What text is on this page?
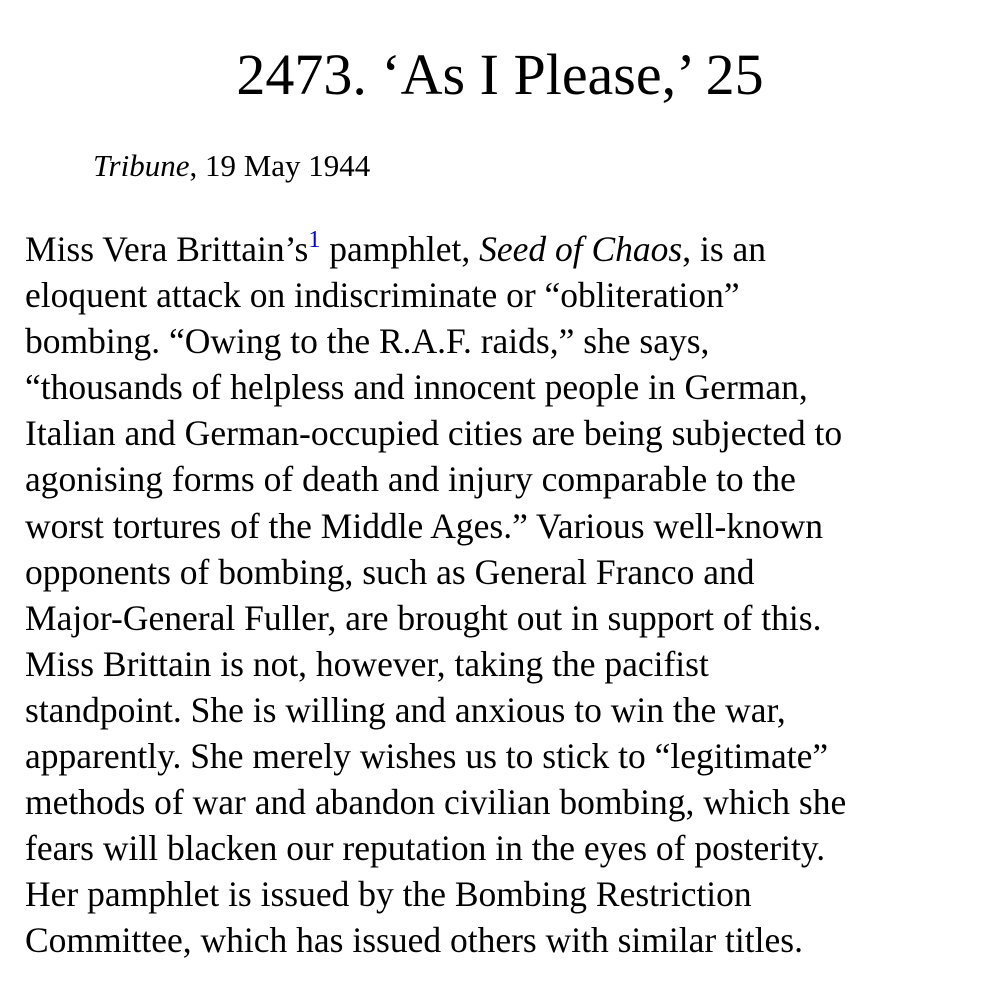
2473. ‘As I Please,’ 25

Tribune, 19 May 1944

Miss Vera Brittain’s$^1$ pamphlet, Seed of Chaos, is an
eloquent attack on indiscriminate or “obliteration”
bombing. “Owing to the R.A.F. raids,” she says,
“thousands of helpless and innocent people in German,
Italian and German-occupied cities are being subjected to
agonising forms of death and injury comparable to the
worst tortures of the Middle Ages.” Various well-known
opponents of bombing, such as General Franco and
Major-General Fuller, are brought out in support of this.
Miss Brittain is not, however, taking the pacifist
standpoint. She is willing and anxious to win the war,
apparently. She merely wishes us to stick to “legitimate”
methods of war and abandon civilian bombing, which she
fears will blacken our reputation in the eyes of posterity.
Her pamphlet is issued by the Bombing Restriction
Committee, which has issued others with similar titles.
